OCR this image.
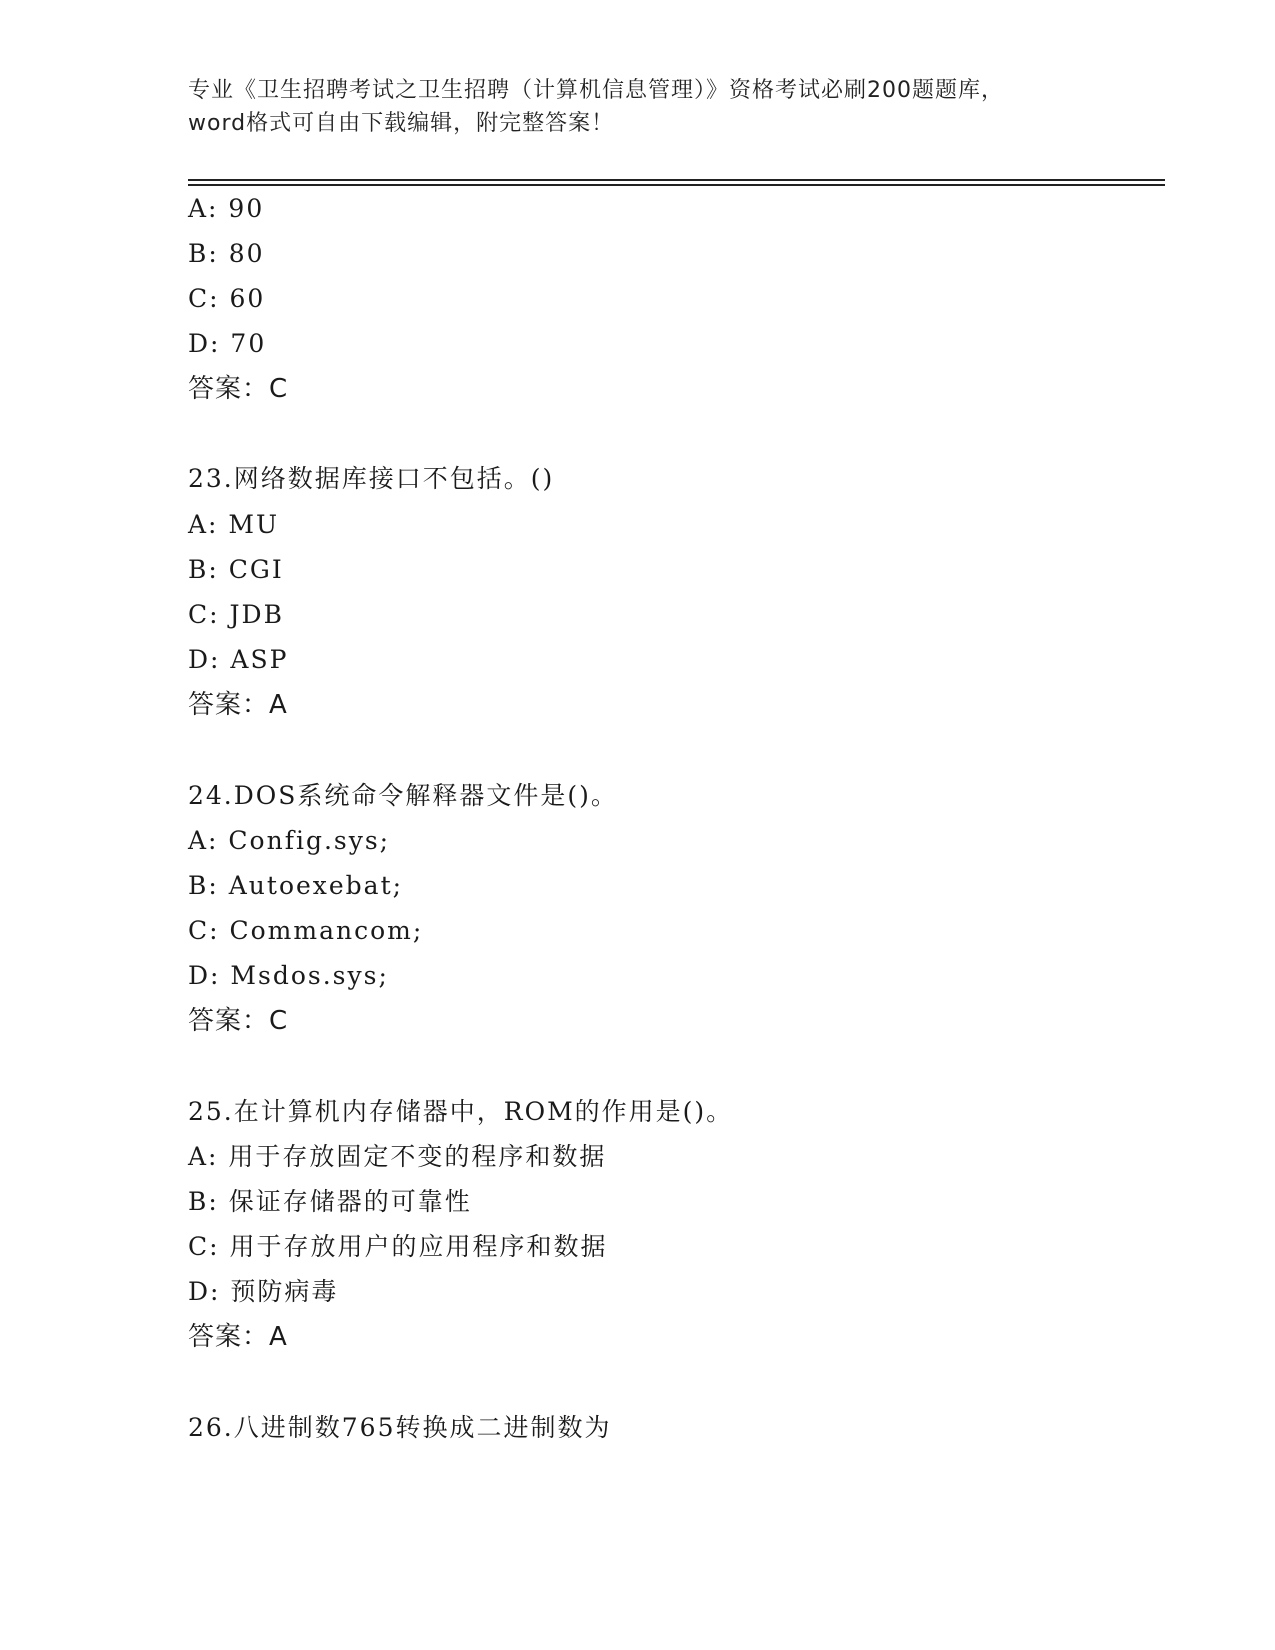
专业《卫生招聘考试之卫生招聘（计算机信息管理）》资格考试必刷200题题库，
word格式可自由下载编辑，附完整答案！
A: 90
B: 80
C: 60
D: 70
答案：C
23.网络数据库接口不包括。()
A: MU
B: CGI
C: JDB
D: ASP
答案：A
24.DOS系统命令解释器文件是()。
A: Config.sys;
B: Autoexebat;
C: Commancom;
D: Msdos.sys;
答案：C
25.在计算机内存储器中，ROM的作用是()。
A: 用于存放固定不变的程序和数据
B: 保证存储器的可靠性
C: 用于存放用户的应用程序和数据
D: 预防病毒
答案：A
26.八进制数765转换成二进制数为
